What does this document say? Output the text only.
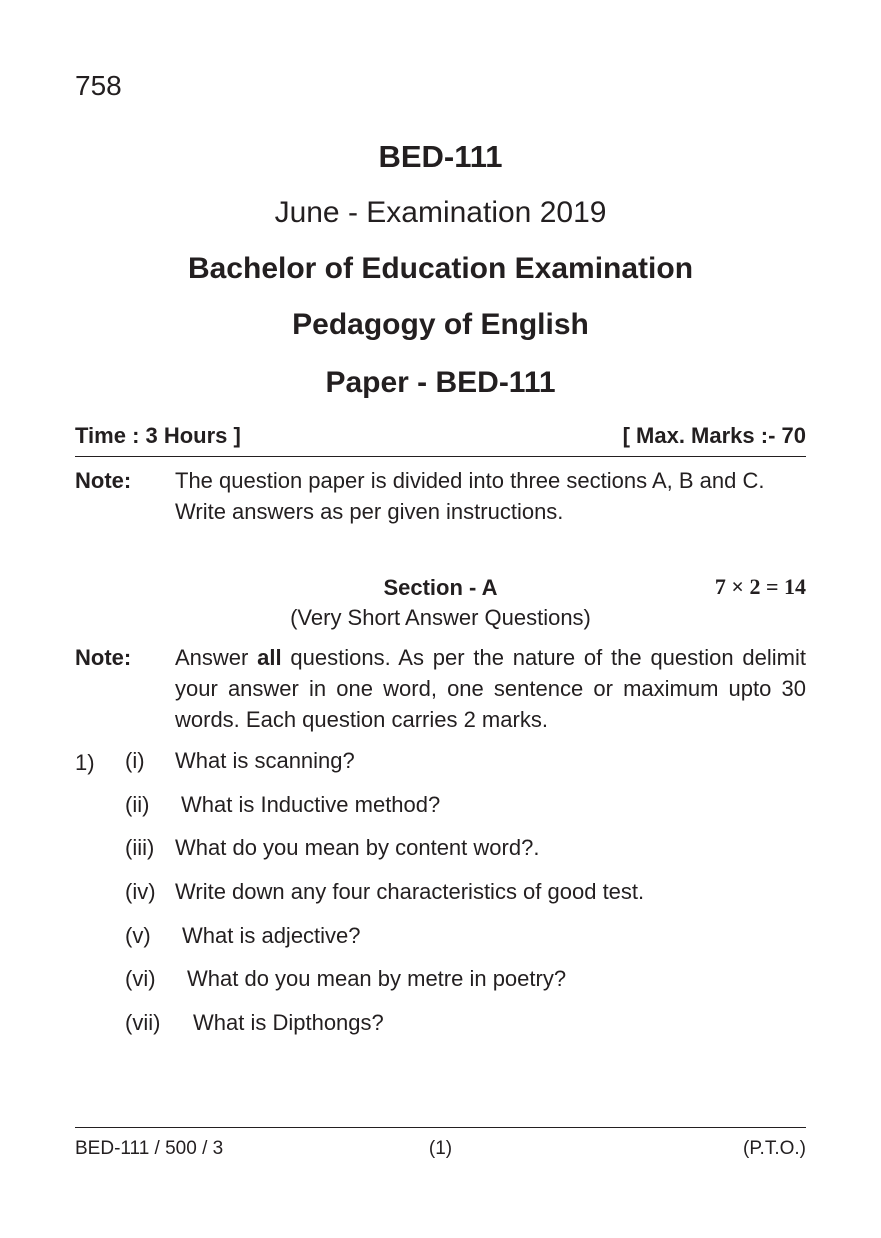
758
BED-111
June - Examination 2019
Bachelor of Education Examination
Pedagogy of English
Paper - BED-111
Time : 3 Hours ]	[ Max. Marks :- 70
Note: The question paper is divided into three sections A, B and C. Write answers as per given instructions.
Section - A	7 × 2 = 14
(Very Short Answer Questions)
Note: Answer all questions. As per the nature of the question delimit your answer in one word, one sentence or maximum upto 30 words. Each question carries 2 marks.
1) (i) What is scanning?
(ii) What is Inductive method?
(iii) What do you mean by content word?.
(iv) Write down any four characteristics of good test.
(v) What is adjective?
(vi) What do you mean by metre in poetry?
(vii) What is Dipthongs?
BED-111 / 500 / 3	(1)	(P.T.O.)
